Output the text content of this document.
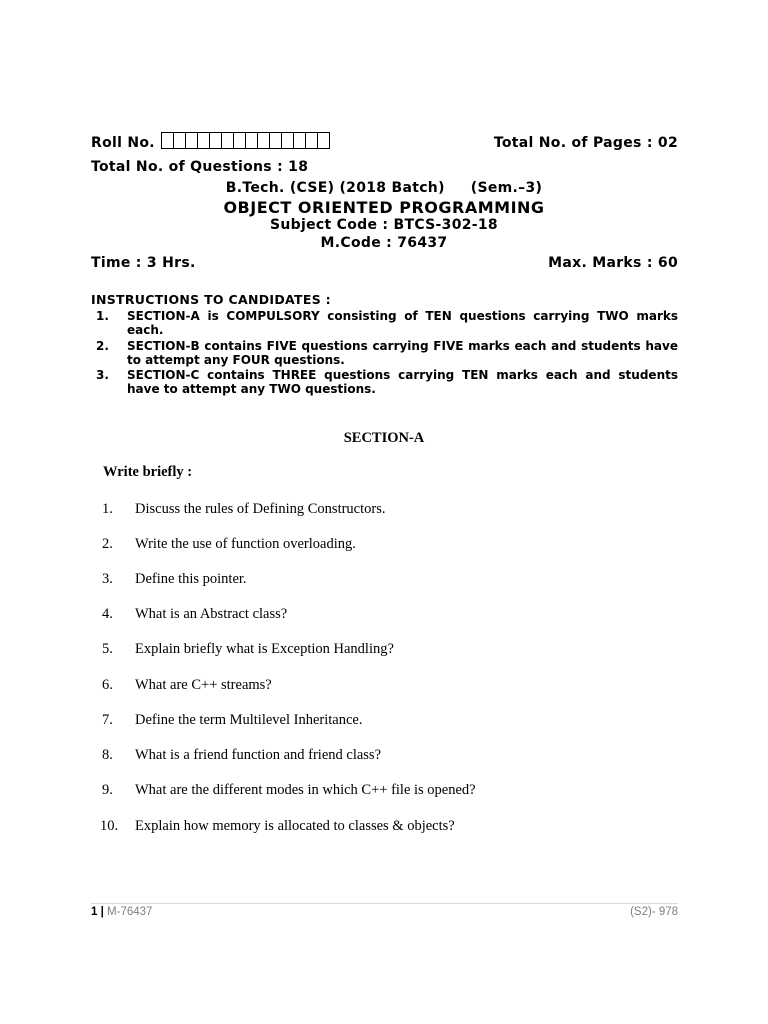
Roll No.	Total No. of Pages : 02
Total No. of Questions : 18
B.Tech. (CSE) (2018 Batch) (Sem.–3)
OBJECT ORIENTED PROGRAMMING
Subject Code : BTCS-302-18
M.Code : 76437
Time : 3 Hrs.	Max. Marks : 60
INSTRUCTIONS TO CANDIDATES :
1.	SECTION-A is COMPULSORY consisting of TEN questions carrying TWO marks each.
2.	SECTION-B contains FIVE questions carrying FIVE marks each and students have to attempt any FOUR questions.
3.	SECTION-C contains THREE questions carrying TEN marks each and students have to attempt any TWO questions.
SECTION-A
Write briefly :
1.	Discuss the rules of Defining Constructors.
2.	Write the use of function overloading.
3.	Define this pointer.
4.	What is an Abstract class?
5.	Explain briefly what is Exception Handling?
6.	What are C++ streams?
7.	Define the term Multilevel Inheritance.
8.	What is a friend function and friend class?
9.	What are the different modes in which C++ file is opened?
10.	Explain how memory is allocated to classes & objects?
1 | M-76437	(S2)- 978
